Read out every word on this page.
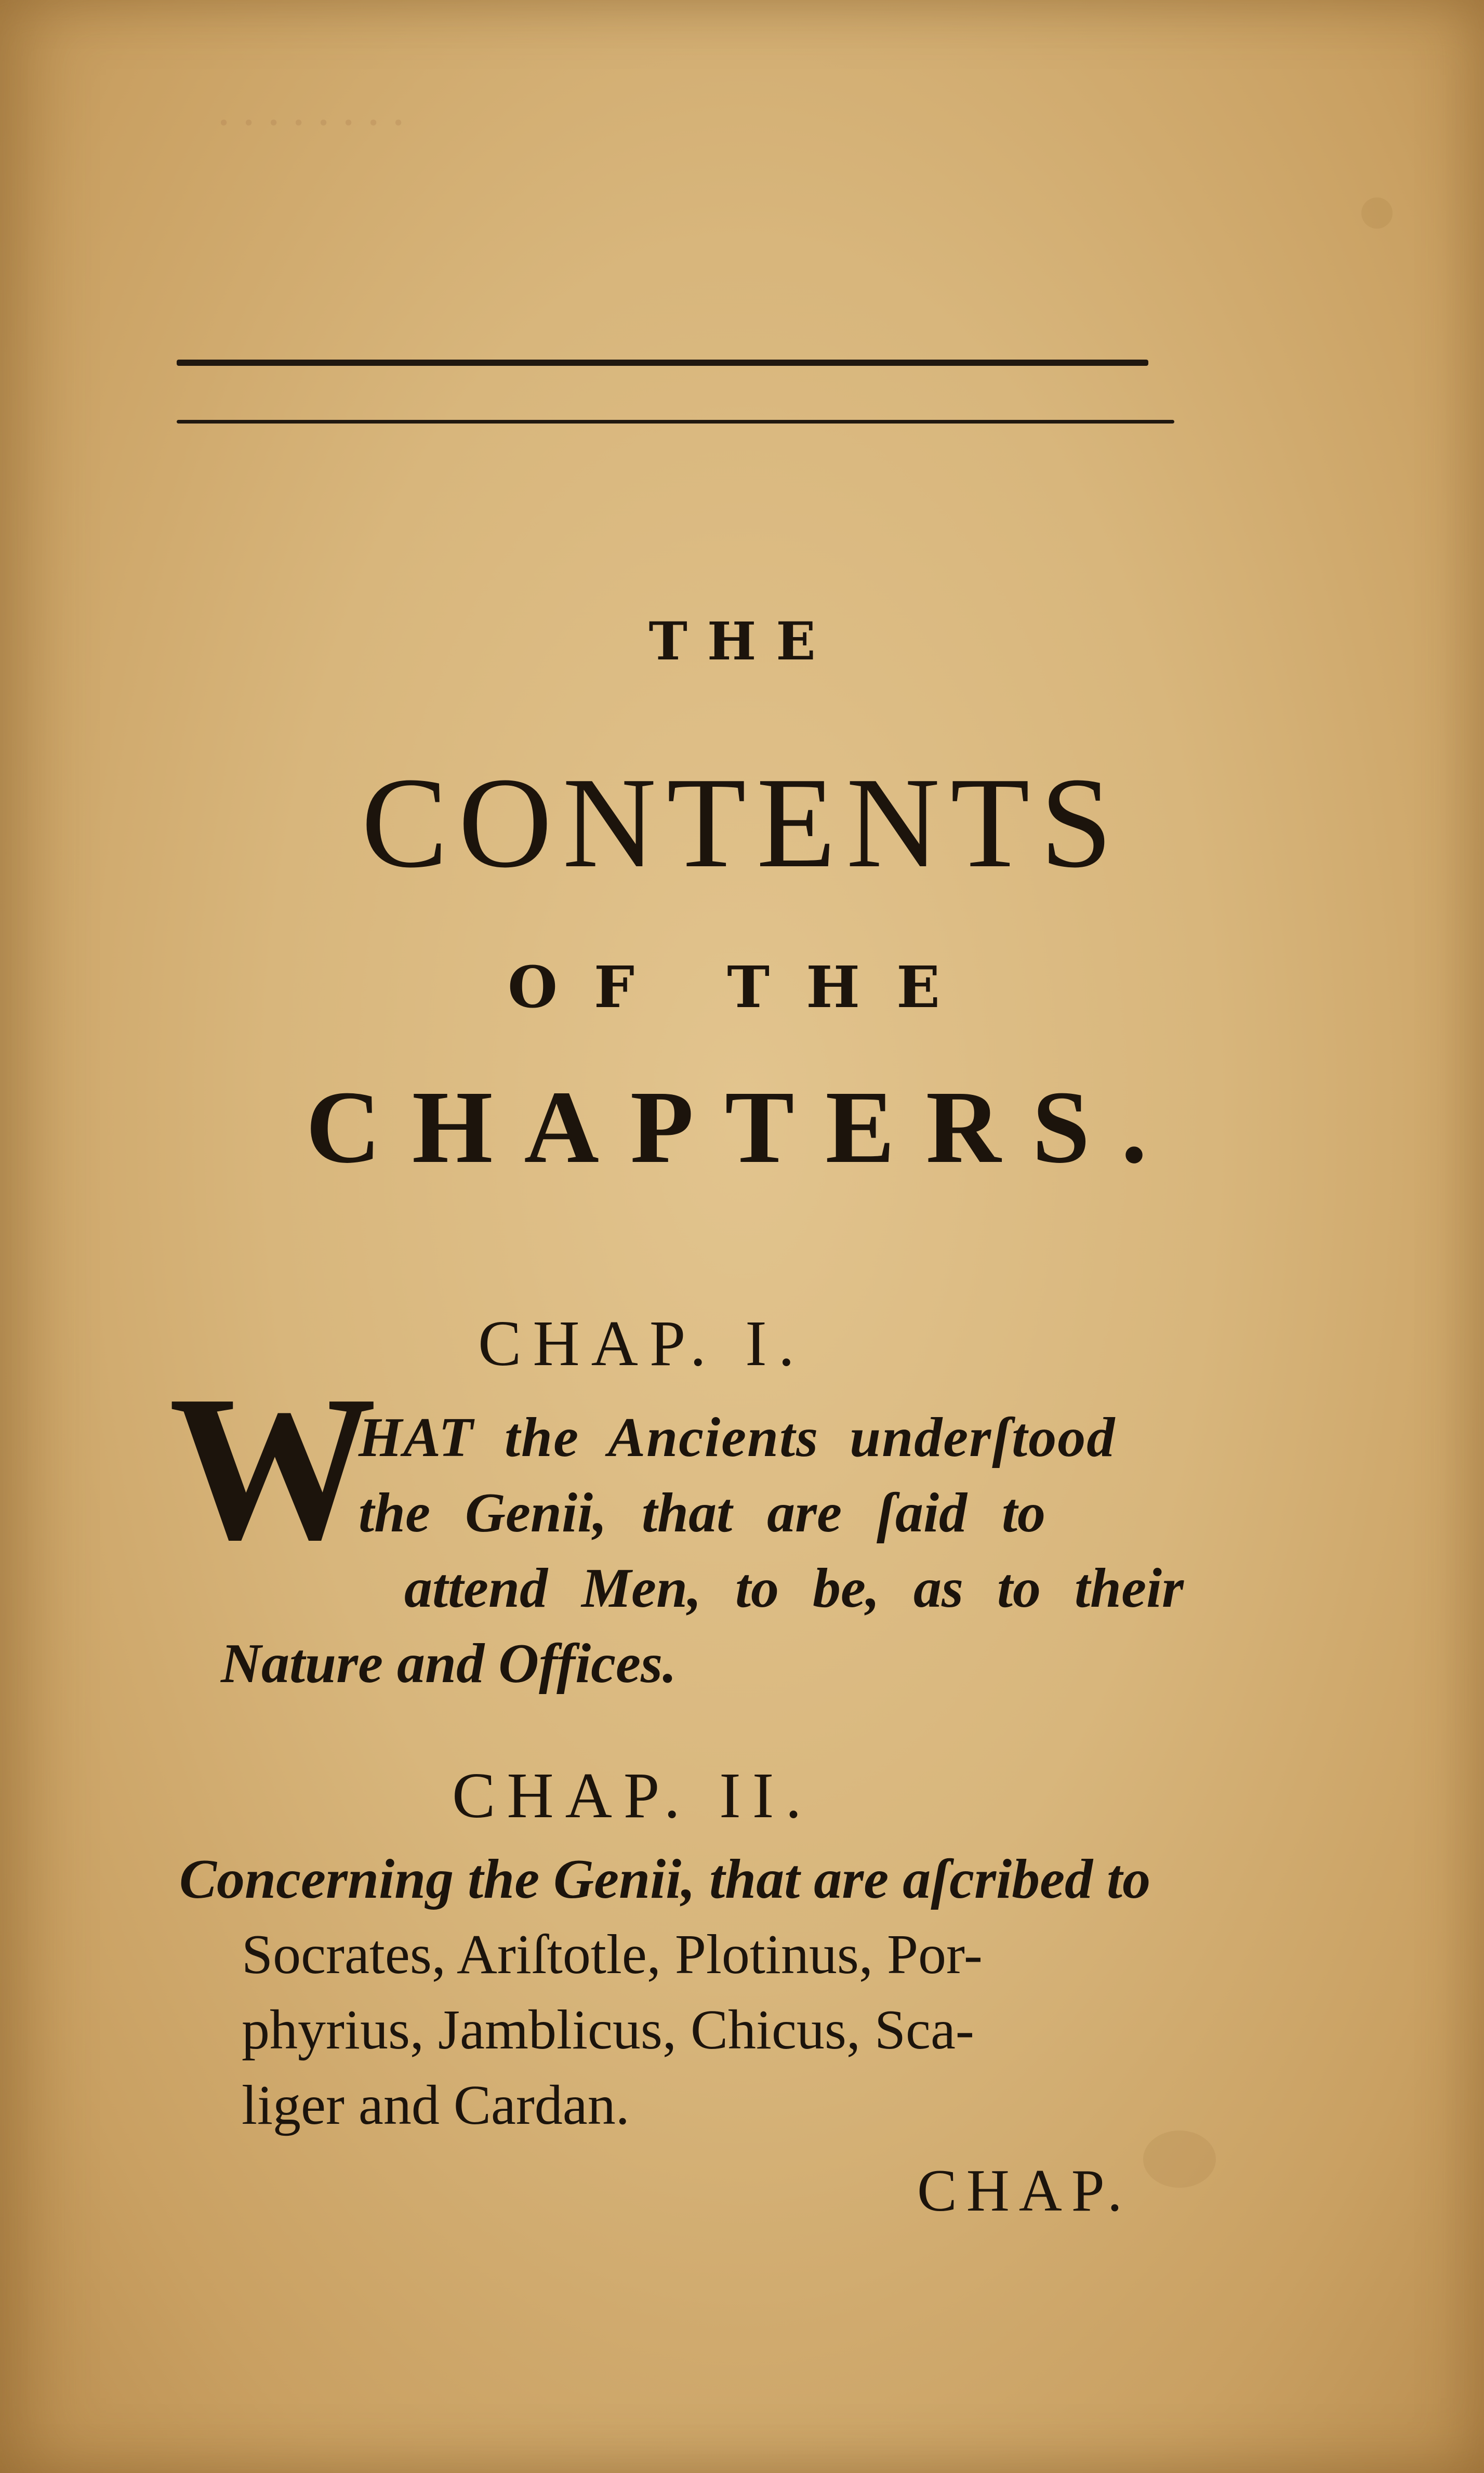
· · · · · · · ·
THE
CONTENTS
OF THE
CHAPTERS.
CHAP. I.
W
HAT the Ancients underſtood
the Genii, that are ſaid to
attend Men, to be, as to their
Nature and Offices.
CHAP. II.
Concerning the Genii, that are aſcribed to
Socrates, Ariſtotle, Plotinus, Por-
phyrius, Jamblicus, Chicus, Sca-
liger and Cardan.
CHAP.
